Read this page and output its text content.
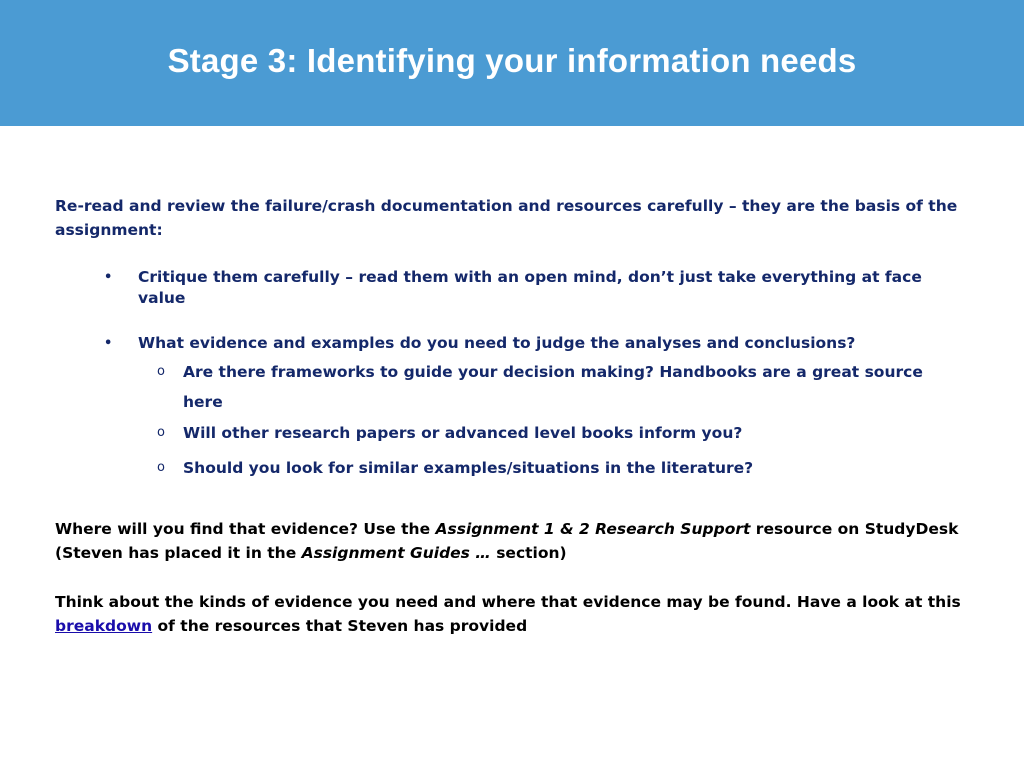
Stage 3: Identifying your information needs

Re-read and review the failure/crash documentation and resources carefully – they are the basis of the assignment:

• Critique them carefully – read them with an open mind, don’t just take everything at face value
• What evidence and examples do you need to judge the analyses and conclusions?
o Are there frameworks to guide your decision making? Handbooks are a great source here
o Will other research papers or advanced level books inform you?
o Should you look for similar examples/situations in the literature?

Where will you find that evidence? Use the Assignment 1 & 2 Research Support resource on StudyDesk (Steven has placed it in the Assignment Guides … section)

Think about the kinds of evidence you need and where that evidence may be found. Have a look at this breakdown of the resources that Steven has provided
